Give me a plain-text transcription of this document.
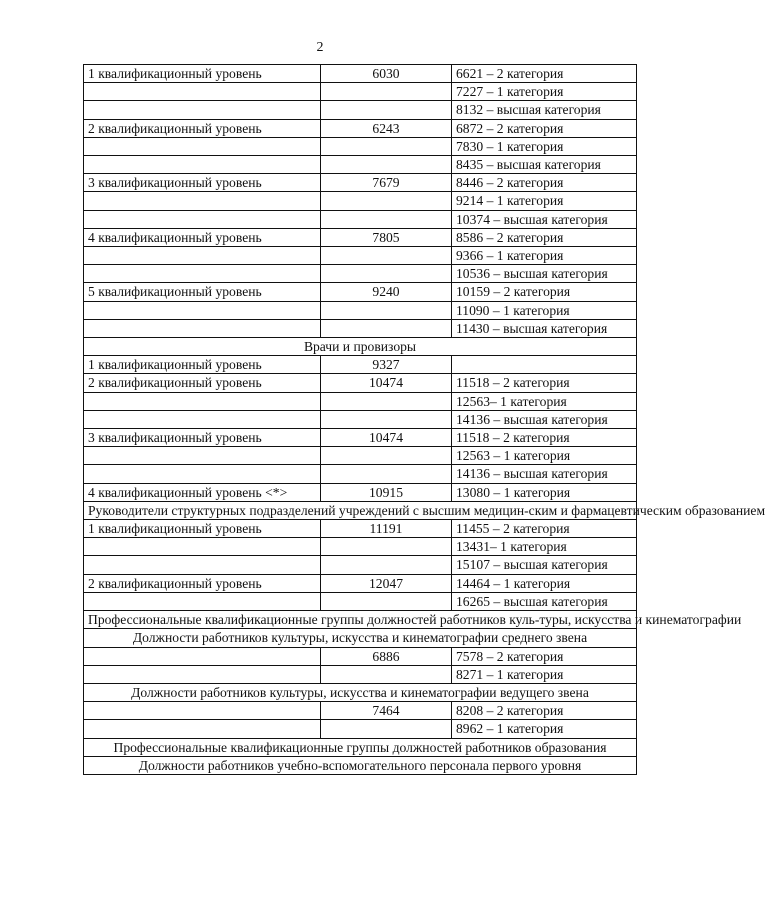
2
1 квалификационный уровень	6030	6621 – 2 категория
		7227 – 1 категория
		8132 – высшая категория
2 квалификационный уровень	6243	6872 – 2 категория
		7830 – 1 категория
		8435 – высшая категория
3 квалификационный уровень	7679	8446 – 2 категория
		9214 – 1 категория
		10374 – высшая категория
4 квалификационный уровень	7805	8586 – 2 категория
		9366 – 1 категория
		10536 – высшая категория
5 квалификационный уровень	9240	10159 – 2 категория
		11090 – 1 категория
		11430 – высшая категория
Врачи и провизоры		
1 квалификационный уровень	9327	
2 квалификационный уровень	10474	11518 – 2 категория
		12563– 1 категория
		14136 – высшая категория
3 квалификационный уровень	10474	11518 – 2 категория
		12563 – 1 категория
		14136 – высшая категория
4 квалификационный уровень <*>	10915	13080 – 1 категория
Руководители структурных подразделений учреждений с высшим медицин-ским и фармацевтическим образованием		
1 квалификационный уровень	11191	11455 – 2 категория
		13431– 1 категория
		15107 – высшая категория
2 квалификационный уровень	12047	14464 – 1 категория
		16265 – высшая категория
Профессиональные квалификационные группы должностей работников куль-туры, искусства и кинематографии		
Должности работников культуры, искусства и кинематографии среднего звена		
	6886	7578 – 2 категория
		8271 – 1 категория
Должности работников культуры, искусства и кинематографии ведущего звена		
	7464	8208 – 2 категория
		8962 – 1 категория
Профессиональные квалификационные группы должностей работников образования		
Должности работников учебно-вспомогательного персонала первого уровня		
